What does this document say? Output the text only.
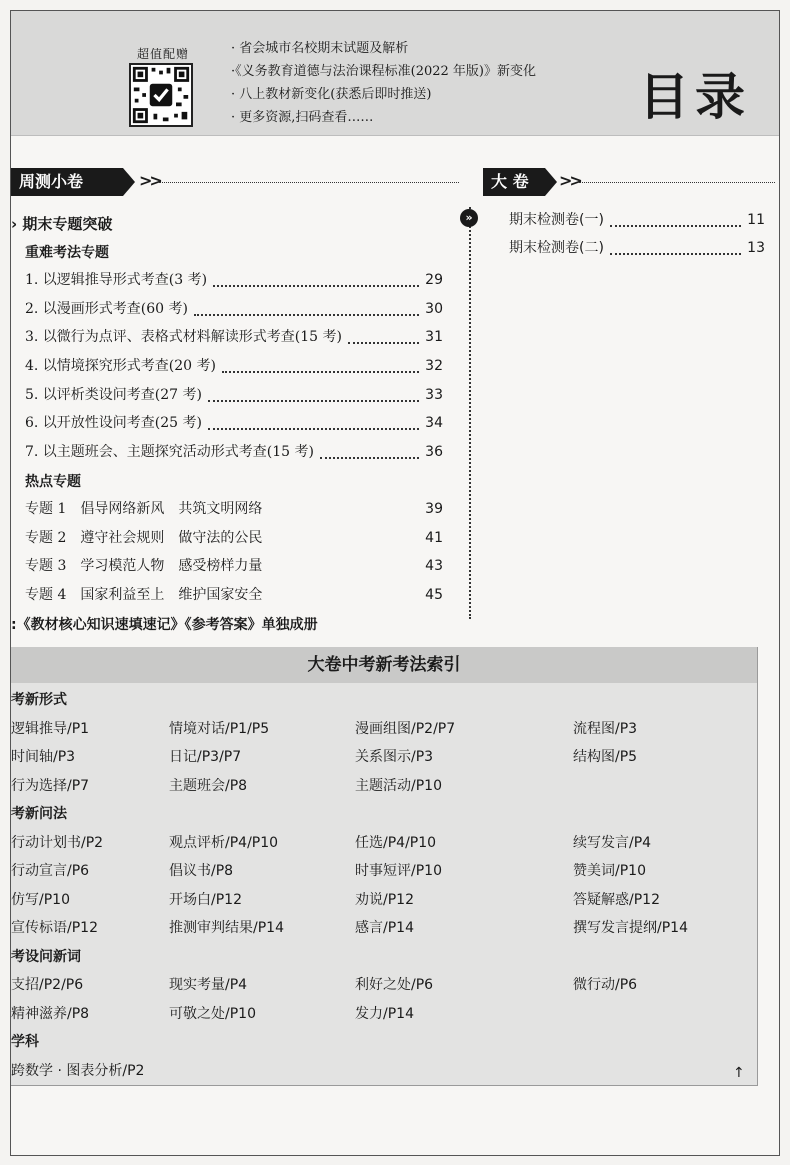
超值配赠	· 省会城市名校期末试题及解析
·《义务教育道德与法治课程标准(2022 年版)》新变化
· 八上教材新变化(获悉后即时推送)
· 更多资源,扫码查看……	目录
周测小卷	>>	大 卷	>>
› 期末专题突破
重难考法专题
1. 以逻辑推导形式考查(3 考)	29
2. 以漫画形式考查(60 考)	30
3. 以微行为点评、表格式材料解读形式考查(15 考)	31
4. 以情境探究形式考查(20 考)	32
5. 以评析类设问考查(27 考)	33
6. 以开放性设问考查(25 考)	34
7. 以主题班会、主题探究活动形式考查(15 考)	36
热点专题
专题 1 倡导网络新风 共筑文明网络	39
专题 2 遵守社会规则 做守法的公民	41
专题 3 学习模范人物 感受榜样力量	43
专题 4 国家利益至上 维护国家安全	45
:《教材核心知识速填速记》《参考答案》单独成册
»	期末检测卷(一)	11
期末检测卷(二)	13
大卷中考新考法索引
考新形式
逻辑推导/P1	情境对话/P1/P5	漫画组图/P2/P7	流程图/P3
时间轴/P3	日记/P3/P7	关系图示/P3	结构图/P5
行为选择/P7	主题班会/P8	主题活动/P10
考新问法
行动计划书/P2	观点评析/P4/P10	任选/P4/P10	续写发言/P4
行动宣言/P6	倡议书/P8	时事短评/P10	赞美词/P10
仿写/P10	开场白/P12	劝说/P12	答疑解惑/P12
宣传标语/P12	推测审判结果/P14	感言/P14	撰写发言提纲/P14
考设问新词
支招/P2/P6	现实考量/P4	利好之处/P6	微行动/P6
精神滋养/P8	可敬之处/P10	发力/P14
学科
跨数学 · 图表分析/P2	↑
